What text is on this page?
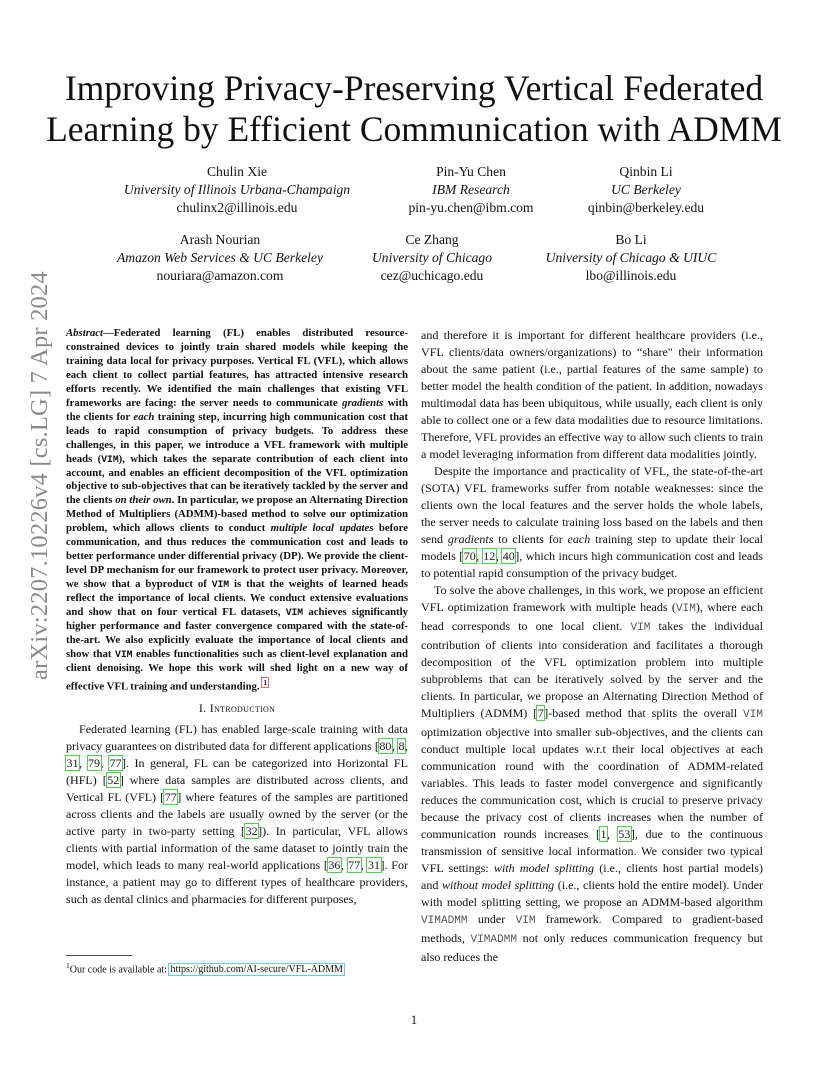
arXiv:2207.10226v4 [cs.LG] 7 Apr 2024
Improving Privacy-Preserving Vertical Federated
Learning by Efficient Communication with ADMM
Chulin Xie
University of Illinois Urbana-Champaign
chulinx2@illinois.edu
Pin-Yu Chen
IBM Research
pin-yu.chen@ibm.com
Qinbin Li
UC Berkeley
qinbin@berkeley.edu
Arash Nourian
Amazon Web Services & UC Berkeley
nouriara@amazon.com
Ce Zhang
University of Chicago
cez@uchicago.edu
Bo Li
University of Chicago & UIUC
lbo@illinois.edu

Abstract—Federated learning (FL) enables distributed resource-constrained devices to jointly train shared models while keeping the training data local for privacy purposes. Vertical FL (VFL), which allows each client to collect partial features, has attracted intensive research efforts recently. We identified the main challenges that existing VFL frameworks are facing: the server needs to communicate gradients with the clients for each training step, incurring high communication cost that leads to rapid consumption of privacy budgets. To address these challenges, in this paper, we introduce a VFL framework with multiple heads (VIM), which takes the separate contribution of each client into account, and enables an efficient decomposition of the VFL optimization objective to sub-objectives that can be iteratively tackled by the server and the clients on their own. In particular, we propose an Alternating Direction Method of Multipliers (ADMM)-based method to solve our optimization problem, which allows clients to conduct multiple local updates before communication, and thus reduces the communication cost and leads to better performance under differential privacy (DP). We provide the client-level DP mechanism for our framework to protect user privacy. Moreover, we show that a byproduct of VIM is that the weights of learned heads reflect the importance of local clients. We conduct extensive evaluations and show that on four vertical FL datasets, VIM achieves significantly higher performance and faster convergence compared with the state-of-the-art. We also explicitly evaluate the importance of local clients and show that VIM enables functionalities such as client-level explanation and client denoising. We hope this work will shed light on a new way of effective VFL training and understanding. $^1$

I. Introduction

Federated learning (FL) has enabled large-scale training with data privacy guarantees on distributed data for different applications [80, 8, 31, 79, 77]. In general, FL can be categorized into Horizontal FL (HFL) [52] where data samples are distributed across clients, and Vertical FL (VFL) [77] where features of the samples are partitioned across clients and the labels are usually owned by the server (or the active party in two-party setting [32]). In particular, VFL allows clients with partial information of the same dataset to jointly train the model, which leads to many real-world applications [36, 77, 31]. For instance, a patient may go to different types of healthcare providers, such as dental clinics and pharmacies for different purposes,

$^1$Our code is available at: https://github.com/AI-secure/VFL-ADMM

and therefore it is important for different healthcare providers (i.e., VFL clients/data owners/organizations) to “share" their information about the same patient (i.e., partial features of the same sample) to better model the health condition of the patient. In addition, nowadays multimodal data has been ubiquitous, while usually, each client is only able to collect one or a few data modalities due to resource limitations. Therefore, VFL provides an effective way to allow such clients to train a model leveraging information from different data modalities jointly.

Despite the importance and practicality of VFL, the state-of-the-art (SOTA) VFL frameworks suffer from notable weaknesses: since the clients own the local features and the server holds the whole labels, the server needs to calculate training loss based on the labels and then send gradients to clients for each training step to update their local models [70, 12, 40], which incurs high communication cost and leads to potential rapid consumption of the privacy budget.

To solve the above challenges, in this work, we propose an efficient VFL optimization framework with multiple heads (VIM), where each head corresponds to one local client. VIM takes the individual contribution of clients into consideration and facilitates a thorough decomposition of the VFL optimization problem into multiple subproblems that can be iteratively solved by the server and the clients. In particular, we propose an Alternating Direction Method of Multipliers (ADMM) [7]-based method that splits the overall VIM optimization objective into smaller sub-objectives, and the clients can conduct multiple local updates w.r.t their local objectives at each communication round with the coordination of ADMM-related variables. This leads to faster model convergence and significantly reduces the communication cost, which is crucial to preserve privacy because the privacy cost of clients increases when the number of communication rounds increases [1, 53], due to the continuous transmission of sensitive local information. We consider two typical VFL settings: with model splitting (i.e., clients host partial models) and without model splitting (i.e., clients hold the entire model). Under with model splitting setting, we propose an ADMM-based algorithm VIMADMM under VIM framework. Compared to gradient-based methods, VIMADMM not only reduces communication frequency but also reduces the

1
